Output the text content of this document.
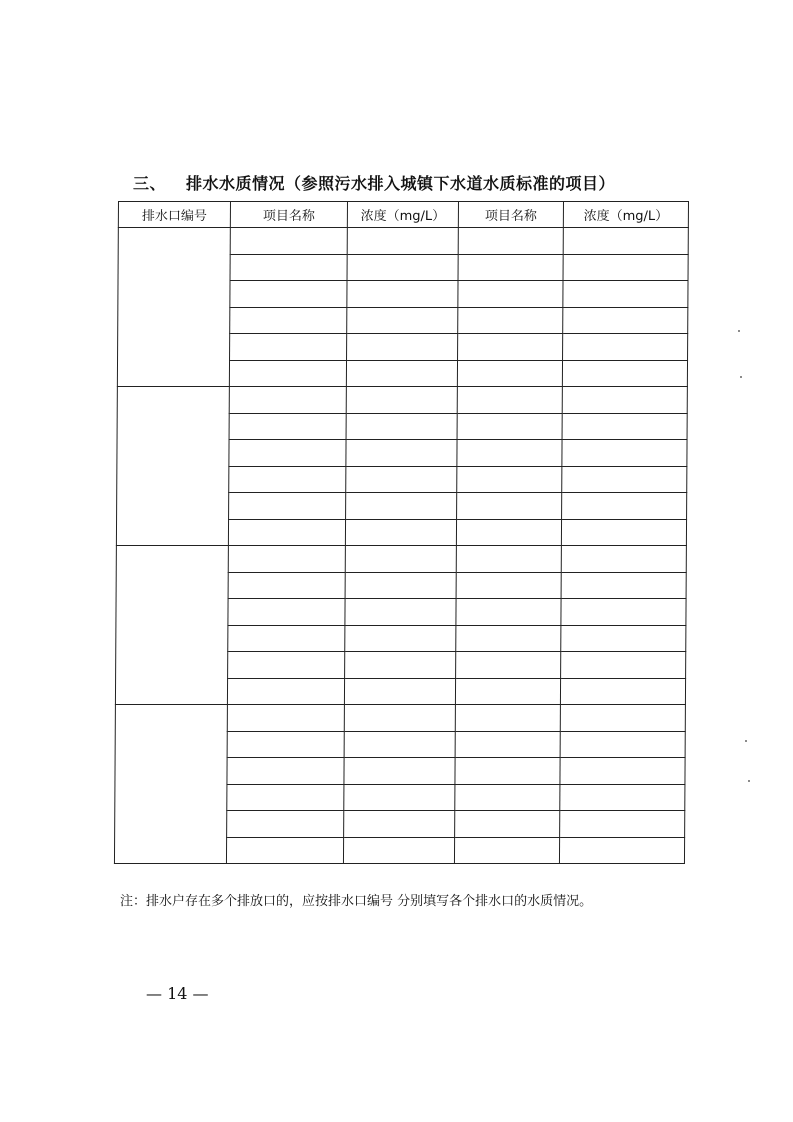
三、 排水水质情况（参照污水排入城镇下水道水质标准的项目）
排水口编号	项目名称	浓度（mg/L）	项目名称	浓度（mg/L）

注：排水户存在多个排放口的，应按排水口编号 分别填写各个排水口的水质情况。
— 14 —
